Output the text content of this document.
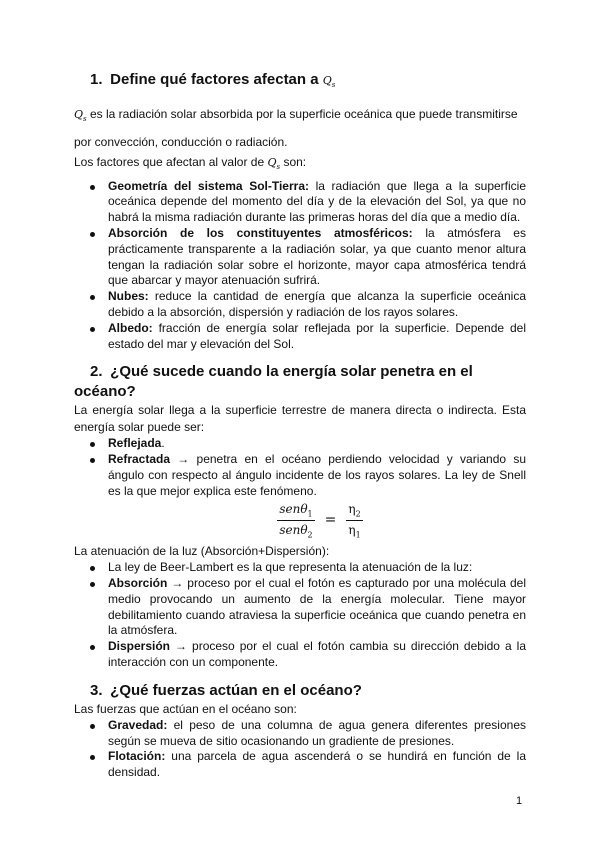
1. Define qué factores afectan a $Q_s$

$Q_s$ es la radiación solar absorbida por la superficie oceánica que puede transmitirse por convección, conducción o radiación.

Los factores que afectan al valor de $Q_s$ son:

Geometría del sistema Sol-Tierra: la radiación que llega a la superficie oceánica depende del momento del día y de la elevación del Sol, ya que no habrá la misma radiación durante las primeras horas del día que a medio día.
Absorción de los constituyentes atmosféricos: la atmósfera es prácticamente transparente a la radiación solar, ya que cuanto menor altura tengan la radiación solar sobre el horizonte, mayor capa atmosférica tendrá que abarcar y mayor atenuación sufrirá.
Nubes: reduce la cantidad de energía que alcanza la superficie oceánica debido a la absorción, dispersión y radiación de los rayos solares.
Albedo: fracción de energía solar reflejada por la superficie. Depende del estado del mar y elevación del Sol.
2. ¿Qué sucede cuando la energía solar penetra en el océano?

La energía solar llega a la superficie terrestre de manera directa o indirecta. Esta energía solar puede ser:

Reflejada.
Refractada → penetra en el océano perdiendo velocidad y variando su ángulo con respecto al ángulo incidente de los rayos solares. La ley de Snell es la que mejor explica este fenómeno.
$\frac{sen\theta_1}{sen\theta_2} = \frac{\eta_2}{\eta_1}$

La atenuación de la luz (Absorción+Dispersión):

La ley de Beer-Lambert es la que representa la atenuación de la luz:
Absorción → proceso por el cual el fotón es capturado por una molécula del medio provocando un aumento de la energía molecular. Tiene mayor debilitamiento cuando atraviesa la superficie oceánica que cuando penetra en la atmósfera.
Dispersión → proceso por el cual el fotón cambia su dirección debido a la interacción con un componente.
3. ¿Qué fuerzas actúan en el océano?

Las fuerzas que actúan en el océano son:

Gravedad: el peso de una columna de agua genera diferentes presiones según se mueva de sitio ocasionando un gradiente de presiones.
Flotación: una parcela de agua ascenderá o se hundirá en función de la densidad.
1
